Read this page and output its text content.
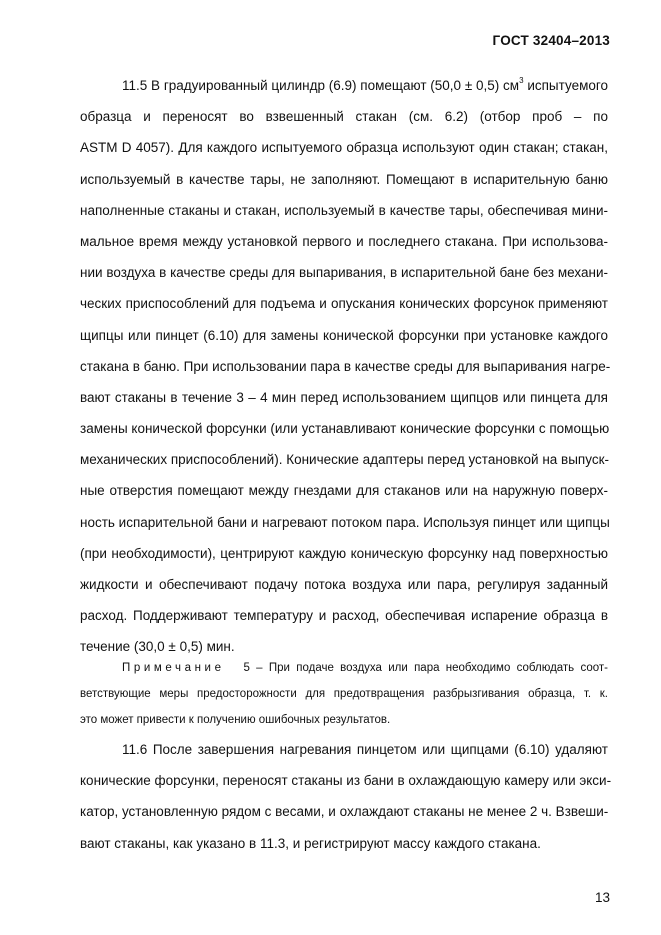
ГОСТ 32404–2013
11.5 В градуированный цилиндр (6.9) помещают (50,0 ± 0,5) $см^3$ испытуемого
образца и переносят во взвешенный стакан (см. 6.2) (отбор проб – по
ASTM D 4057). Для каждого испытуемого образца используют один стакан; стакан,
используемый в качестве тары, не заполняют. Помещают в испарительную баню
наполненные стаканы и стакан, используемый в качестве тары, обеспечивая мини-
мальное время между установкой первого и последнего стакана. При использова-
нии воздуха в качестве среды для выпаривания, в испарительной бане без механи-
ческих приспособлений для подъема и опускания конических форсунок применяют
щипцы или пинцет (6.10) для замены конической форсунки при установке каждого
стакана в баню. При использовании пара в качестве среды для выпаривания нагре-
вают стаканы в течение 3 – 4 мин перед использованием щипцов или пинцета для
замены конической форсунки (или устанавливают конические форсунки с помощью
механических приспособлений). Конические адаптеры перед установкой на выпуск-
ные отверстия помещают между гнездами для стаканов или на наружную поверх-
ность испарительной бани и нагревают потоком пара. Используя пинцет или щипцы
(при необходимости), центрируют каждую коническую форсунку над поверхностью
жидкости и обеспечивают подачу потока воздуха или пара, регулируя заданный
расход. Поддерживают температуру и расход, обеспечивая испарение образца в
течение (30,0 ± 0,5) мин.
Примечание 5 – При подаче воздуха или пара необходимо соблюдать соот-
ветствующие меры предосторожности для предотвращения разбрызгивания образца, т. к.
это может привести к получению ошибочных результатов.
11.6 После завершения нагревания пинцетом или щипцами (6.10) удаляют
конические форсунки, переносят стаканы из бани в охлаждающую камеру или экси-
катор, установленную рядом с весами, и охлаждают стаканы не менее 2 ч. Взвеши-
вают стаканы, как указано в 11.3, и регистрируют массу каждого стакана.
13
